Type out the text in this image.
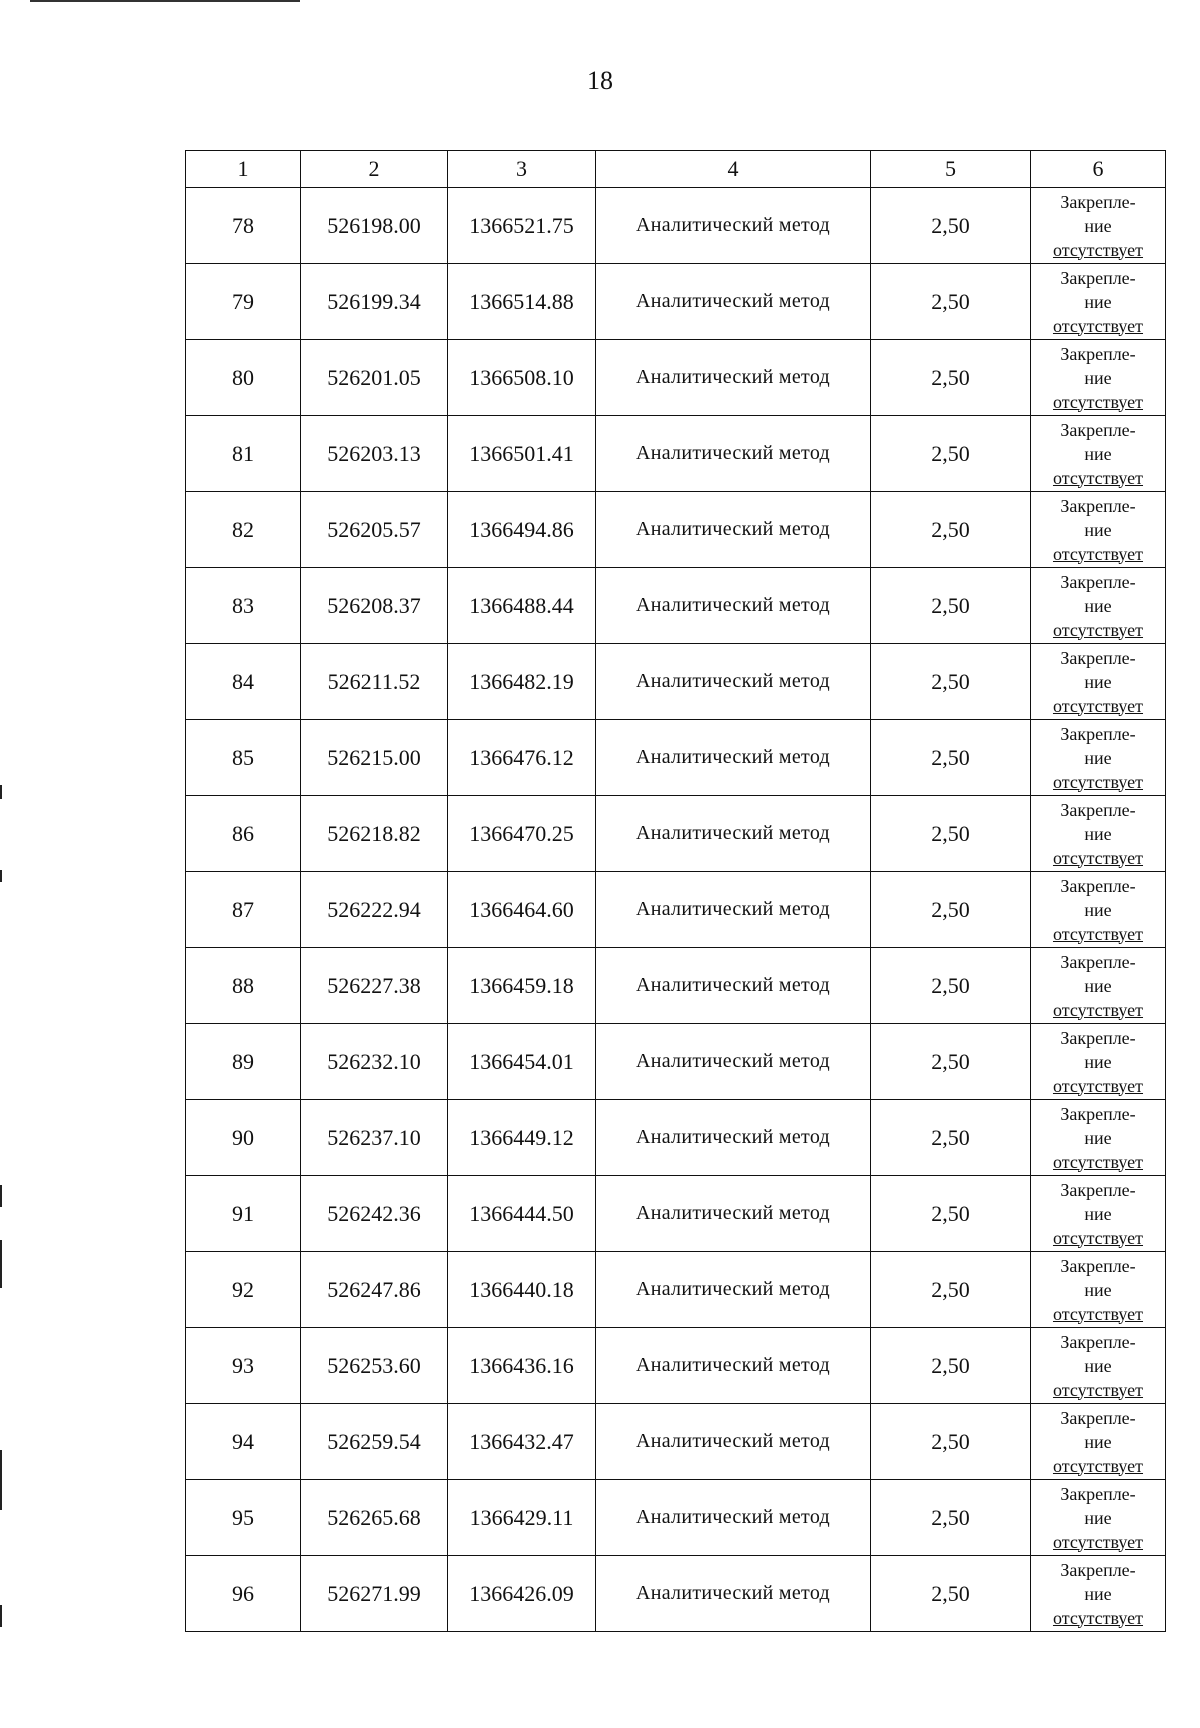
18
1	2	3	4	5	6
78	526198.00	1366521.75	Аналитический метод	2,50	Закрепле-
ние
отсутствует

79	526199.34	1366514.88	Аналитический метод	2,50	Закрепле-
ние
отсутствует

80	526201.05	1366508.10	Аналитический метод	2,50	Закрепле-
ние
отсутствует

81	526203.13	1366501.41	Аналитический метод	2,50	Закрепле-
ние
отсутствует

82	526205.57	1366494.86	Аналитический метод	2,50	Закрепле-
ние
отсутствует

83	526208.37	1366488.44	Аналитический метод	2,50	Закрепле-
ние
отсутствует

84	526211.52	1366482.19	Аналитический метод	2,50	Закрепле-
ние
отсутствует

85	526215.00	1366476.12	Аналитический метод	2,50	Закрепле-
ние
отсутствует

86	526218.82	1366470.25	Аналитический метод	2,50	Закрепле-
ние
отсутствует

87	526222.94	1366464.60	Аналитический метод	2,50	Закрепле-
ние
отсутствует

88	526227.38	1366459.18	Аналитический метод	2,50	Закрепле-
ние
отсутствует

89	526232.10	1366454.01	Аналитический метод	2,50	Закрепле-
ние
отсутствует

90	526237.10	1366449.12	Аналитический метод	2,50	Закрепле-
ние
отсутствует

91	526242.36	1366444.50	Аналитический метод	2,50	Закрепле-
ние
отсутствует

92	526247.86	1366440.18	Аналитический метод	2,50	Закрепле-
ние
отсутствует

93	526253.60	1366436.16	Аналитический метод	2,50	Закрепле-
ние
отсутствует

94	526259.54	1366432.47	Аналитический метод	2,50	Закрепле-
ние
отсутствует

95	526265.68	1366429.11	Аналитический метод	2,50	Закрепле-
ние
отсутствует

96	526271.99	1366426.09	Аналитический метод	2,50	Закрепле-
ние
отсутствует
